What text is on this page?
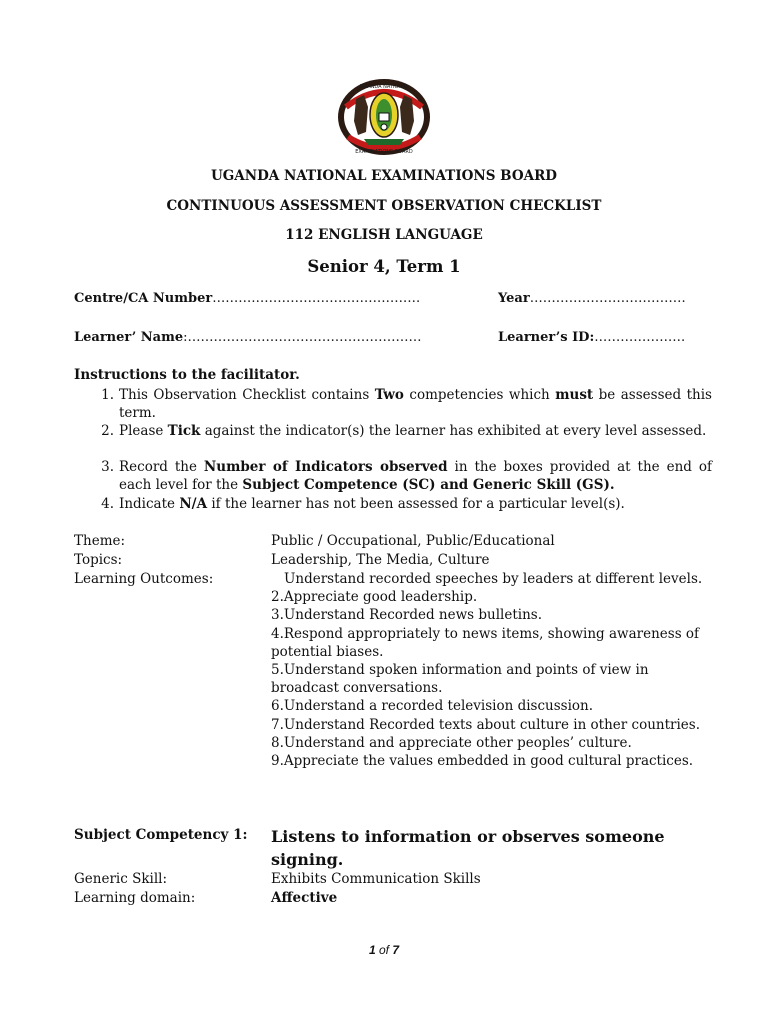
UGANDA NATIONAL
EXAMINATIONS BOARD
UGANDA NATIONAL EXAMINATIONS BOARD
CONTINUOUS ASSESSMENT OBSERVATION CHECKLIST
112 ENGLISH LANGUAGE
Senior 4, Term 1
Centre/CA Number…………………………………………	Year………………………………
Learner’ Name:………………………………………………	Learner’s ID:…………………
Instructions to the facilitator.
1. This Observation Checklist contains Two competencies which must be assessed this term.
2. Please Tick against the indicator(s) the learner has exhibited at every level assessed.
3. Record the Number of Indicators observed in the boxes provided at the end of each level for the Subject Competence (SC) and Generic Skill (GS).
4. Indicate N/A if the learner has not been assessed for a particular level(s).
Theme:	Public / Occupational, Public/Educational
Topics:	Leadership, The Media, Culture
Learning Outcomes:	Understand recorded speeches by leaders at different levels.
2.Appreciate good leadership.
3.Understand Recorded news bulletins.
4.Respond appropriately to news items, showing awareness of potential biases.
5.Understand spoken information and points of view in broadcast conversations.
6.Understand a recorded television discussion.
7.Understand Recorded texts about culture in other countries.
8.Understand and appreciate other peoples’ culture.
9.Appreciate the values embedded in good cultural practices.
Subject Competency 1: Listens to information or observes someone signing.
Generic Skill:	Exhibits Communication Skills
Learning domain:	Affective
1 of 7
